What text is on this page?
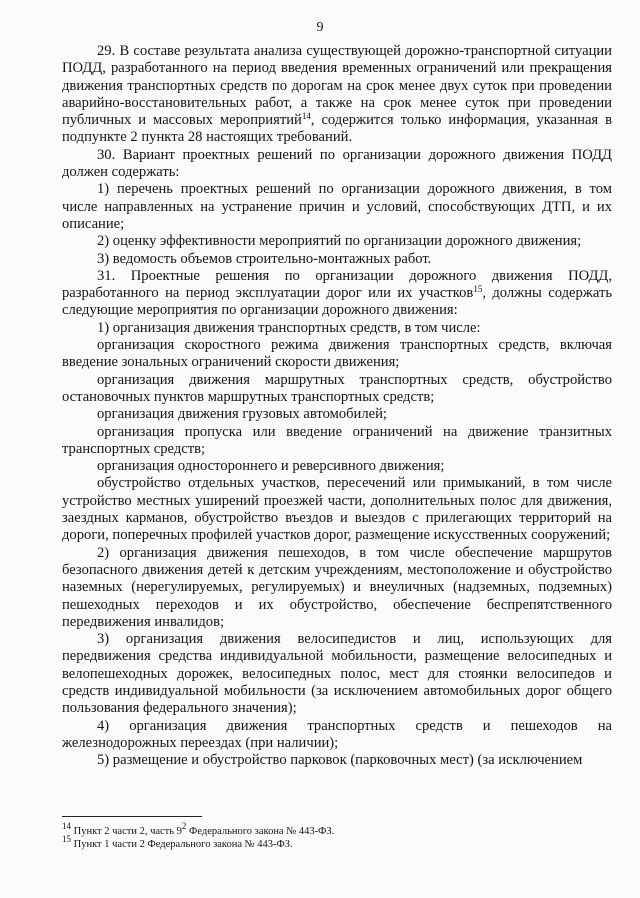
9

29. В составе результата анализа существующей дорожно-транспортной ситуации ПОДД, разработанного на период введения временных ограничений или прекращения движения транспортных средств по дорогам на срок менее двух суток при проведении аварийно-восстановительных работ, а также на срок менее суток при проведении публичных и массовых мероприятий$^{14}$, содержится только информация, указанная в подпункте 2 пункта 28 настоящих требований.

30. Вариант проектных решений по организации дорожного движения ПОДД должен содержать:

1) перечень проектных решений по организации дорожного движения, в том числе направленных на устранение причин и условий, способствующих ДТП, и их описание;

2) оценку эффективности мероприятий по организации дорожного движения;

3) ведомость объемов строительно-монтажных работ.

31. Проектные решения по организации дорожного движения ПОДД, разработанного на период эксплуатации дорог или их участков$^{15}$, должны содержать следующие мероприятия по организации дорожного движения:

1) организация движения транспортных средств, в том числе:

организация скоростного режима движения транспортных средств, включая введение зональных ограничений скорости движения;

организация движения маршрутных транспортных средств, обустройство остановочных пунктов маршрутных транспортных средств;

организация движения грузовых автомобилей;

организация пропуска или введение ограничений на движение транзитных транспортных средств;

организация одностороннего и реверсивного движения;

обустройство отдельных участков, пересечений или примыканий, в том числе устройство местных уширений проезжей части, дополнительных полос для движения, заездных карманов, обустройство въездов и выездов с прилегающих территорий на дороги, поперечных профилей участков дорог, размещение искусственных сооружений;

2) организация движения пешеходов, в том числе обеспечение маршрутов безопасного движения детей к детским учреждениям, местоположение и обустройство наземных (нерегулируемых, регулируемых) и внеуличных (надземных, подземных) пешеходных переходов и их обустройство, обеспечение беспрепятственного передвижения инвалидов;

3) организация движения велосипедистов и лиц, использующих для передвижения средства индивидуальной мобильности, размещение велосипедных и велопешеходных дорожек, велосипедных полос, мест для стоянки велосипедов и средств индивидуальной мобильности (за исключением автомобильных дорог общего пользования федерального значения);

4) организация движения транспортных средств и пешеходов на железнодорожных переездах (при наличии);

5) размещение и обустройство парковок (парковочных мест) (за исключением

$^{14}$ Пункт 2 части 2, часть $9^2$ Федерального закона № 443-ФЗ.

$^{15}$ Пункт 1 части 2 Федерального закона № 443-ФЗ.
